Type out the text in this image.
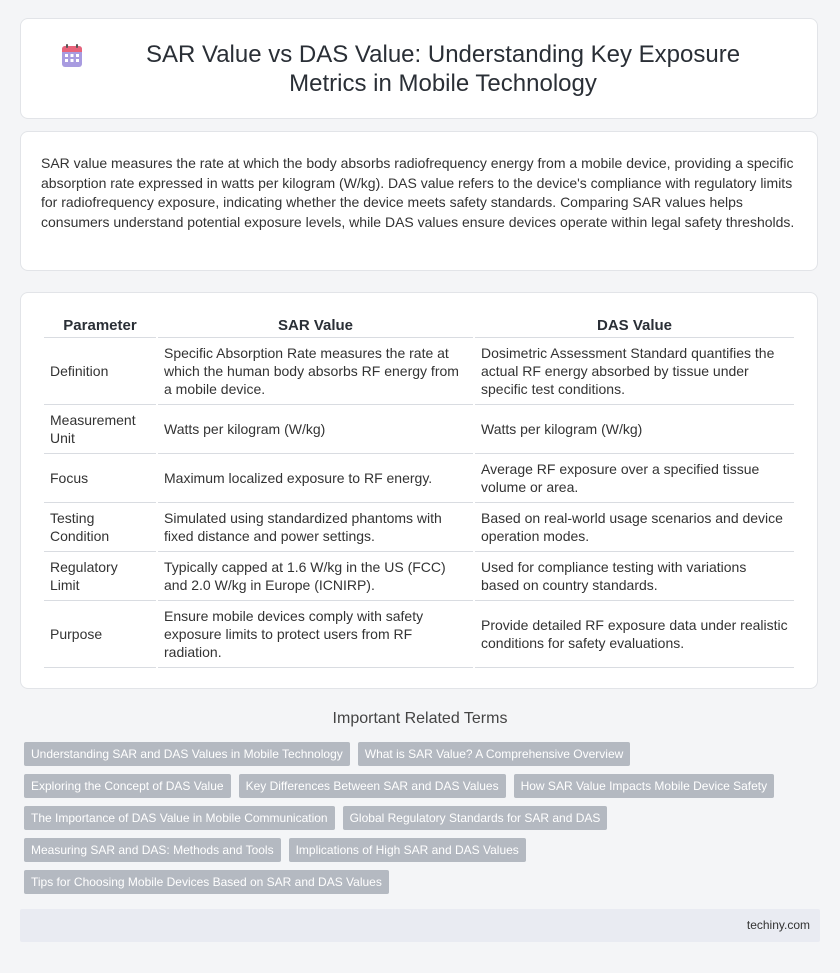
SAR Value vs DAS Value: Understanding Key Exposure Metrics in Mobile Technology

SAR value measures the rate at which the body absorbs radiofrequency energy from a mobile device, providing a specific absorption rate expressed in watts per kilogram (W/kg). DAS value refers to the device's compliance with regulatory limits for radiofrequency exposure, indicating whether the device meets safety standards. Comparing SAR values helps consumers understand potential exposure levels, while DAS values ensure devices operate within legal safety thresholds.

Parameter	SAR Value	DAS Value
Definition	Specific Absorption Rate measures the rate at which the human body absorbs RF energy from a mobile device.	Dosimetric Assessment Standard quantifies the actual RF energy absorbed by tissue under specific test conditions.
Measurement Unit	Watts per kilogram (W/kg)	Watts per kilogram (W/kg)
Focus	Maximum localized exposure to RF energy.	Average RF exposure over a specified tissue volume or area.
Testing Condition	Simulated using standardized phantoms with fixed distance and power settings.	Based on real-world usage scenarios and device operation modes.
Regulatory Limit	Typically capped at 1.6 W/kg in the US (FCC) and 2.0 W/kg in Europe (ICNIRP).	Used for compliance testing with variations based on country standards.
Purpose	Ensure mobile devices comply with safety exposure limits to protect users from RF radiation.	Provide detailed RF exposure data under realistic conditions for safety evaluations.
Important Related Terms
Understanding SAR and DAS Values in Mobile Technology	What is SAR Value? A Comprehensive Overview
Exploring the Concept of DAS Value	Key Differences Between SAR and DAS Values	How SAR Value Impacts Mobile Device Safety
The Importance of DAS Value in Mobile Communication	Global Regulatory Standards for SAR and DAS
Measuring SAR and DAS: Methods and Tools	Implications of High SAR and DAS Values
Tips for Choosing Mobile Devices Based on SAR and DAS Values
techiny.com
